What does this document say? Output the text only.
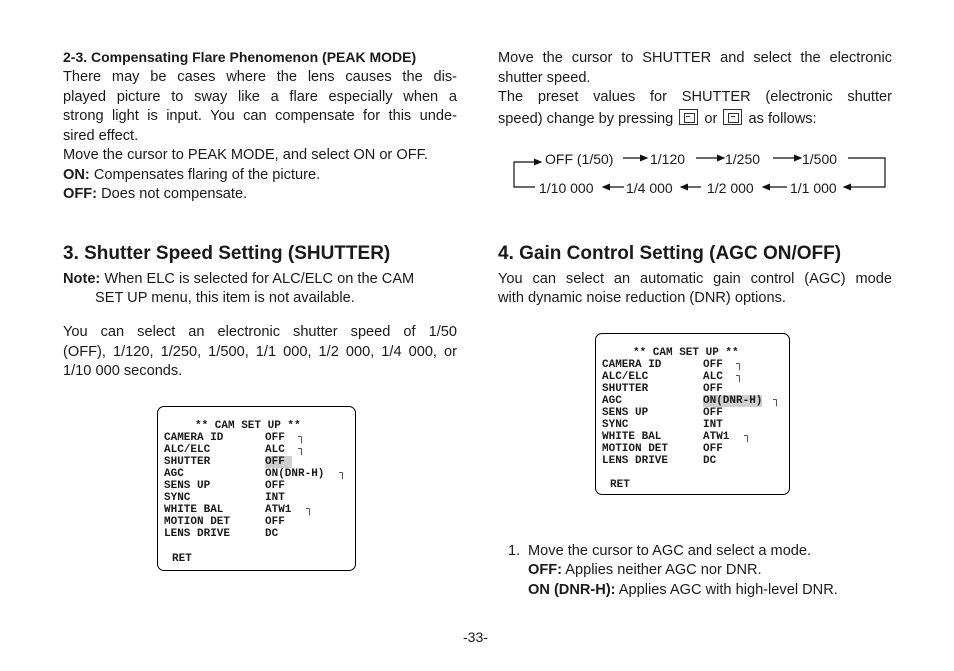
2-3. Compensating Flare Phenomenon (PEAK MODE)
There may be cases where the lens causes the dis-
played picture to sway like a flare especially when a
strong light is input. You can compensate for this unde-
sired effect.
Move the cursor to PEAK MODE, and select ON or OFF.
ON: Compensates flaring of the picture.
OFF: Does not compensate.
3. Shutter Speed Setting (SHUTTER)
Note: When ELC is selected for ALC/ELC on the CAM
SET UP menu, this item is not available.
You can select an electronic shutter speed of 1/50
(OFF), 1/120, 1/250, 1/500, 1/1 000, 1/2 000, 1/4 000, or
1/10 000 seconds.
** CAM SET UP **
CAMERA ID	OFF ┐
ALC/ELC	ALC ┐
SHUTTER	OFF
AGC	ON(DNR-H) ┐
SENS UP	OFF
SYNC	INT
WHITE BAL	ATW1 ┐
MOTION DET	OFF
LENS DRIVE	DC
RET
Move the cursor to SHUTTER and select the electronic
shutter speed.
The preset values for SHUTTER (electronic shutter
speed) change by pressing or as follows:
OFF (1/50)	1/120	1/250	1/500
1/10 000 1/4 000 1/2 000	1/1 000
4. Gain Control Setting (AGC ON/OFF)
You can select an automatic gain control (AGC) mode
with dynamic noise reduction (DNR) options.
** CAM SET UP **
CAMERA ID	OFF ┐
ALC/ELC	ALC ┐
SHUTTER	OFF
AGC	ON(DNR-H) ┐
SENS UP	OFF
SYNC	INT
WHITE BAL	ATW1 ┐
MOTION DET	OFF
LENS DRIVE	DC
RET
1. Move the cursor to AGC and select a mode.
OFF: Applies neither AGC nor DNR.
ON (DNR-H): Applies AGC with high-level DNR.
-33-
